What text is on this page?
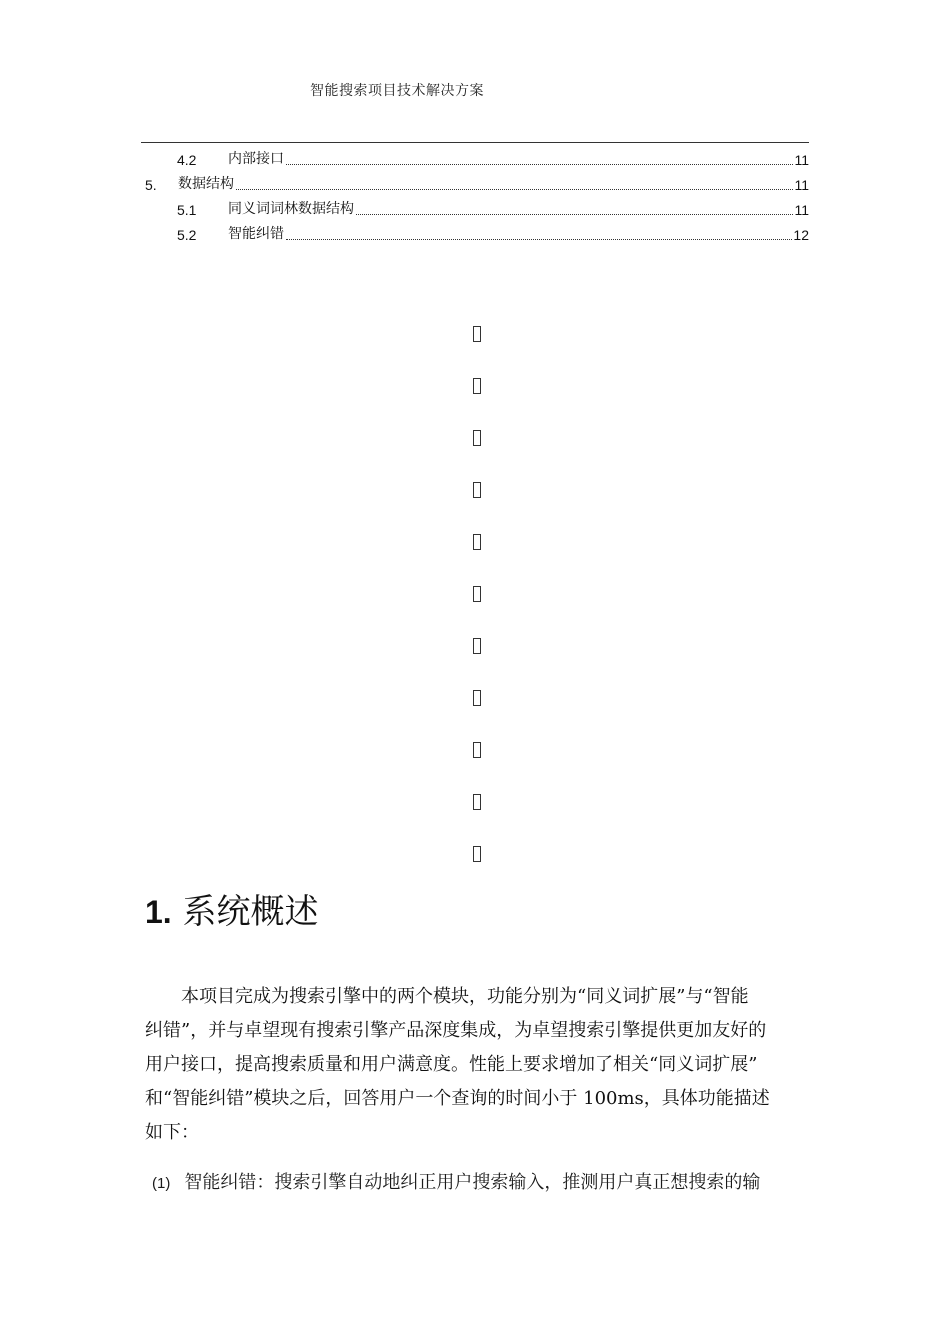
智能搜索项目技术解决方案
4.2 内部接口	11
5. 数据结构	11
5.1 同义词词林数据结构	11
5.2 智能纠错	12
1. 系统概述
本项目完成为搜索引擎中的两个模块，功能分别为“同义词扩展”与“智能
纠错”，并与卓望现有搜索引擎产品深度集成，为卓望搜索引擎提供更加友好的
用户接口，提高搜索质量和用户满意度。性能上要求增加了相关“同义词扩展”
和“智能纠错”模块之后，回答用户一个查询的时间小于 100ms，具体功能描述
如下：
(1) 智能纠错：搜索引擎自动地纠正用户搜索输入，推测用户真正想搜索的输
